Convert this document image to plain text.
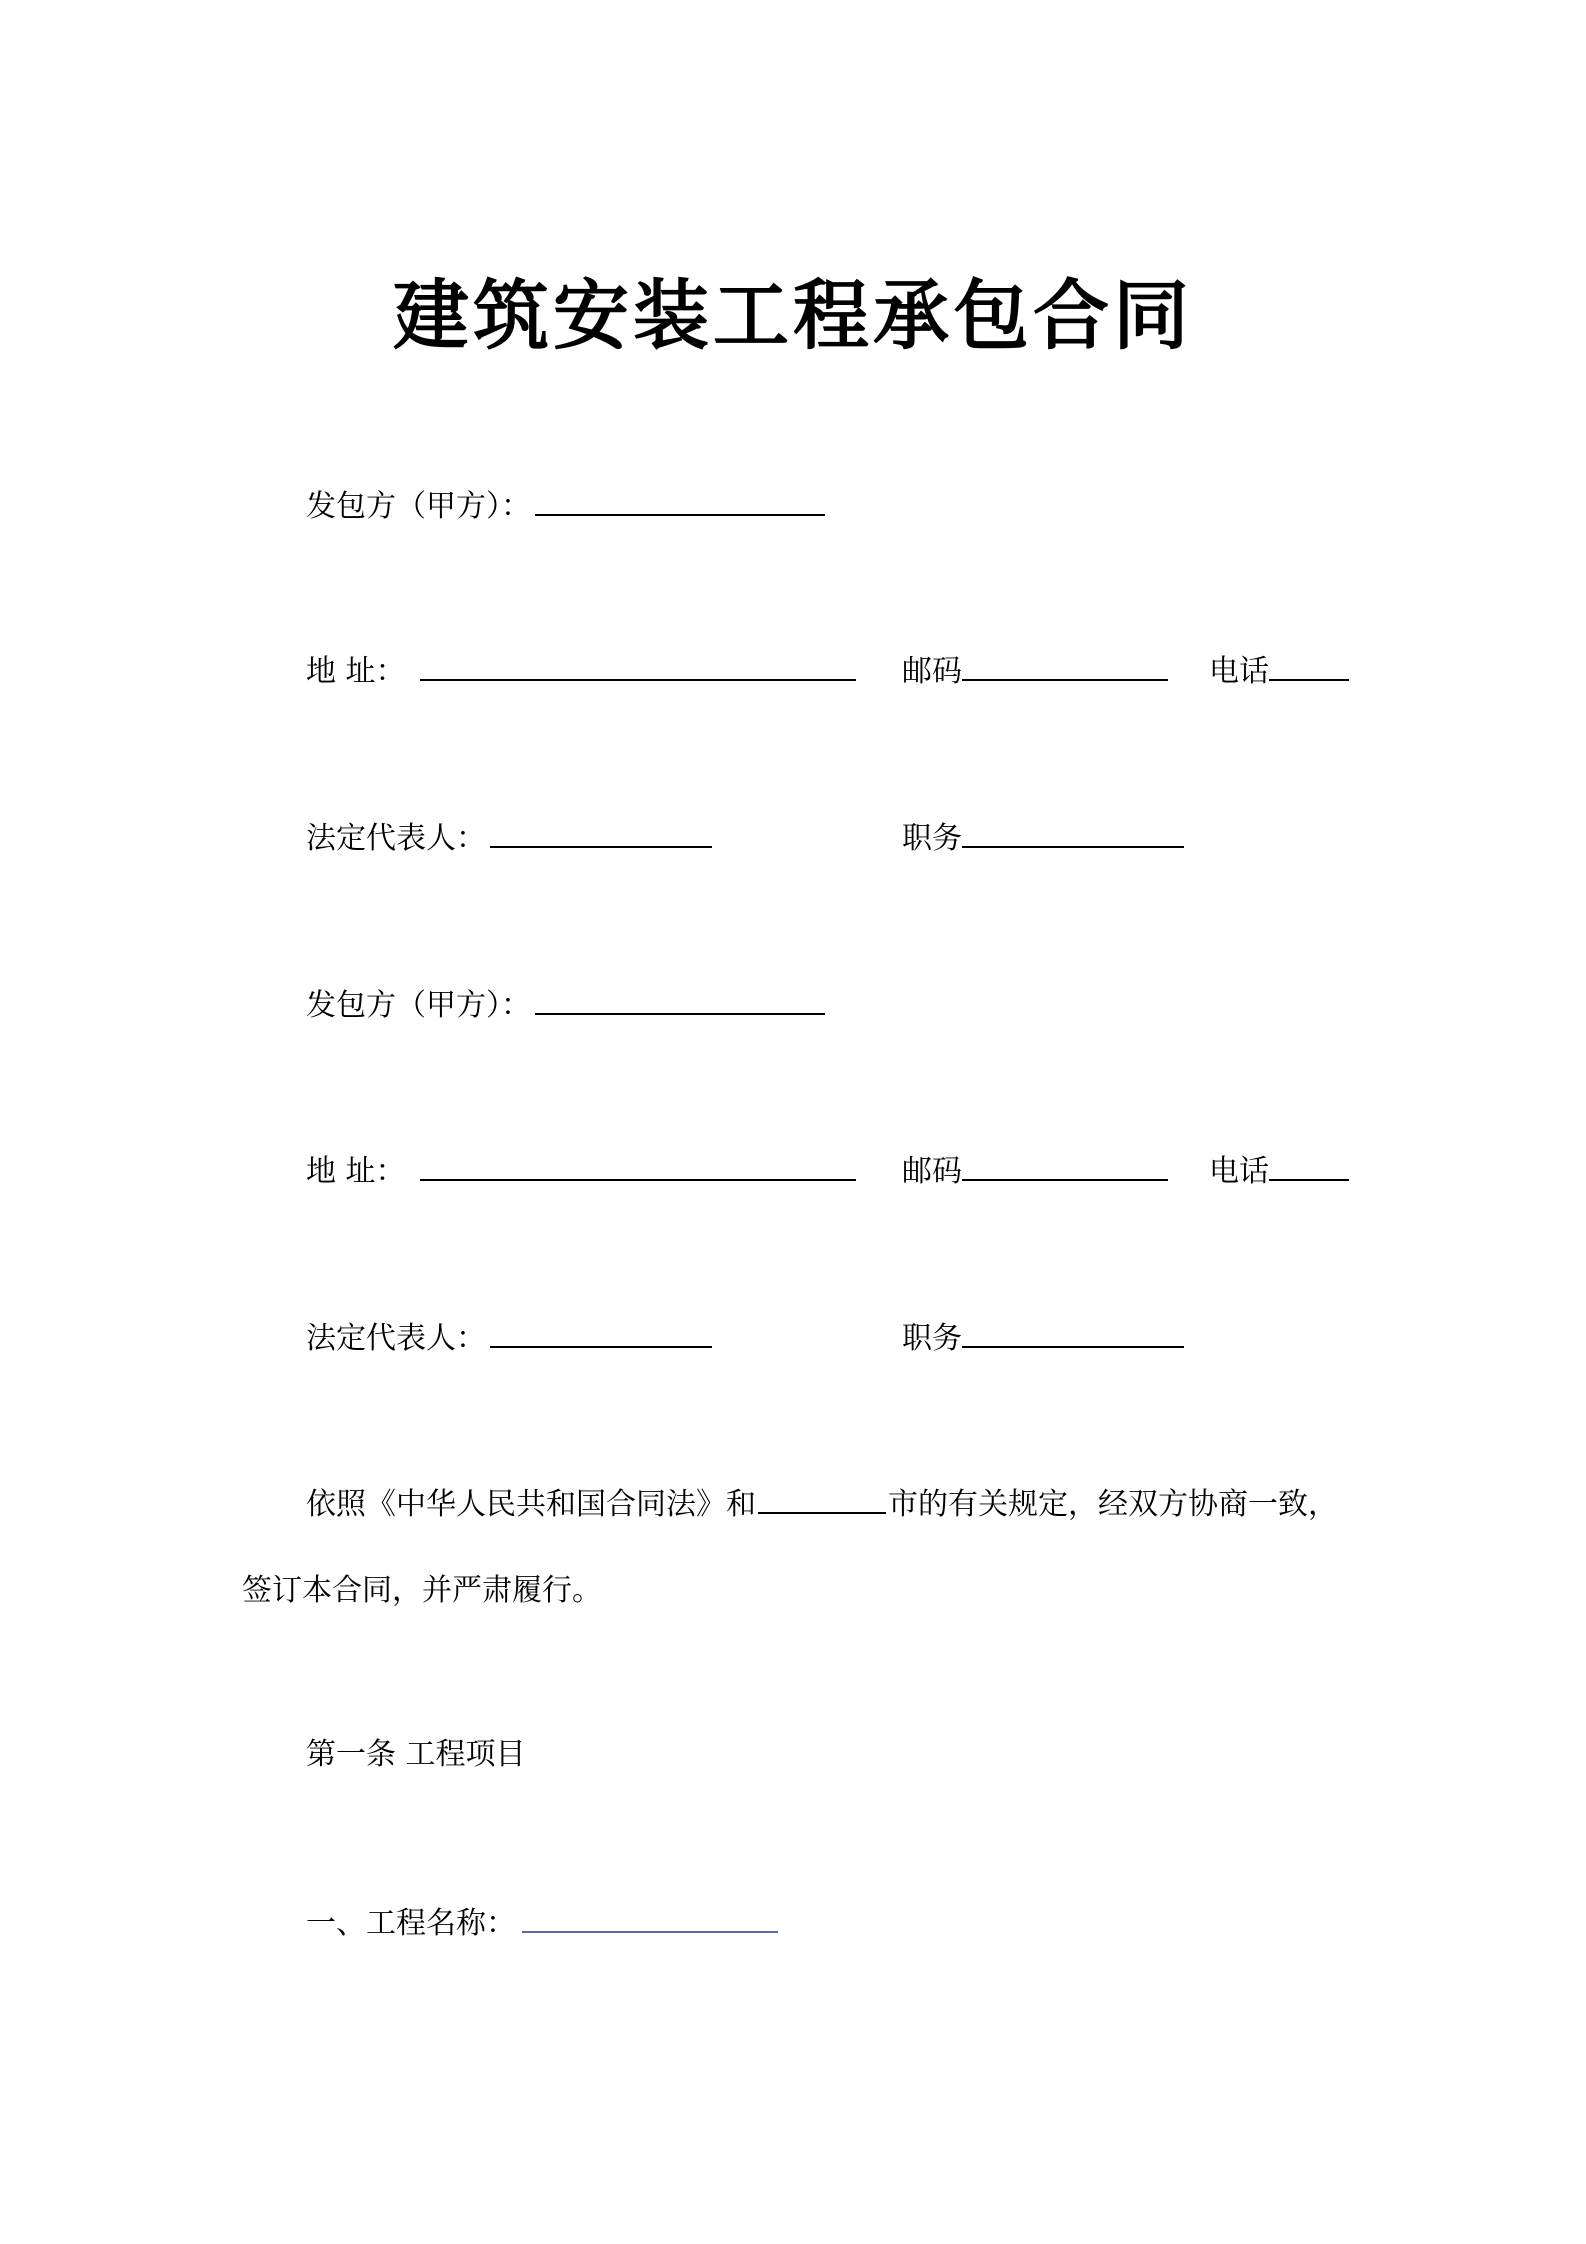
建筑安装工程承包合同
发包方（甲方）：
地 址：	邮码	电话
法定代表人：	职务
发包方（甲方）：
地 址：	邮码	电话
法定代表人：	职务
依照《中华人民共和国合同法》和	市的有关规定，经双方协商一致，
签订本合同，并严肃履行。
第一条 工程项目
一、工程名称：
